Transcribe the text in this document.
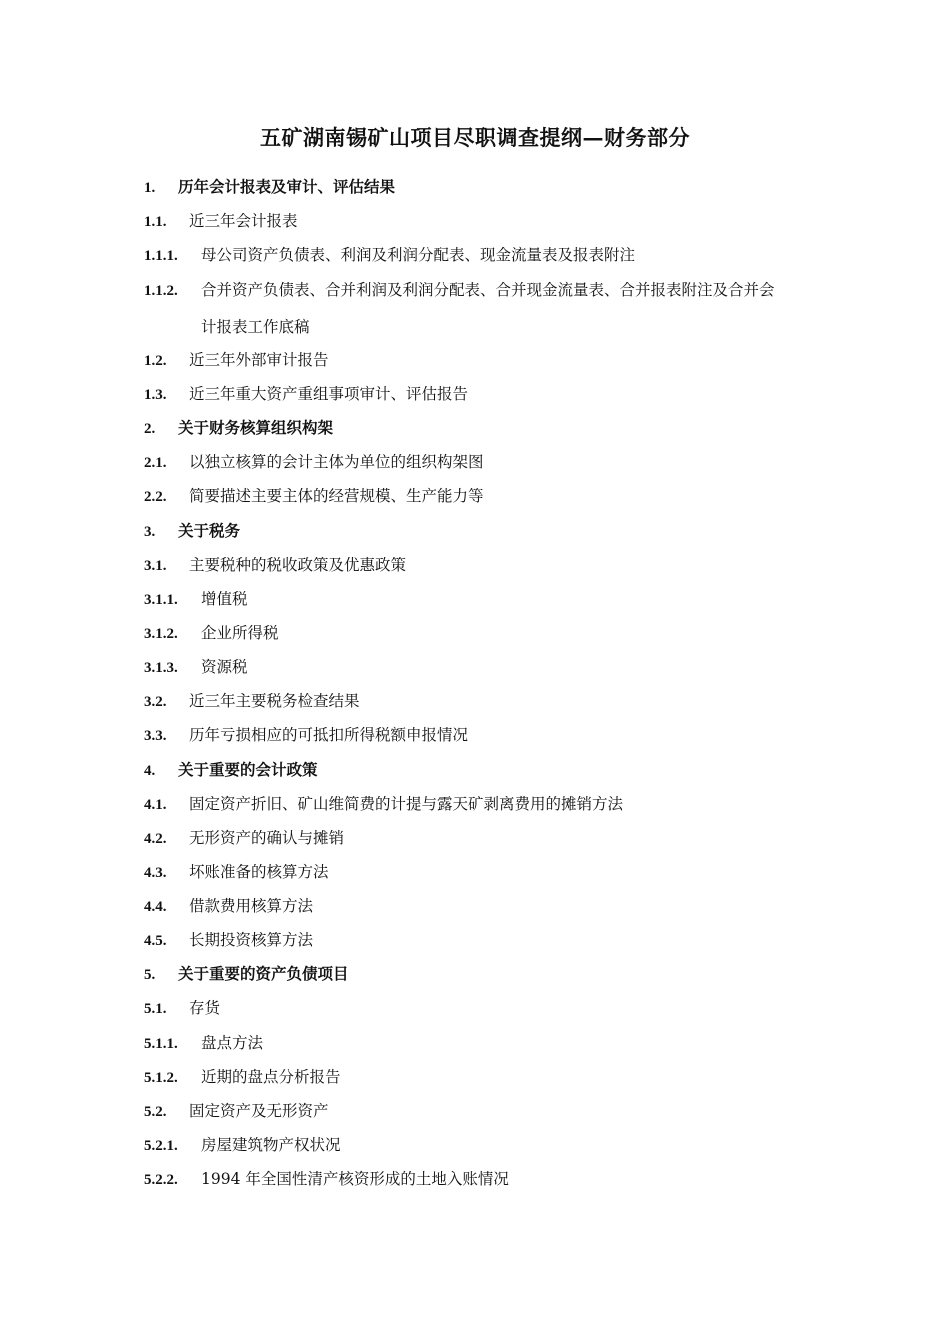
五矿湖南锡矿山项目尽职调查提纲—财务部分
1. 历年会计报表及审计、评估结果
1.1. 近三年会计报表
1.1.1. 母公司资产负债表、利润及利润分配表、现金流量表及报表附注
1.1.2. 合并资产负债表、合并利润及利润分配表、合并现金流量表、合并报表附注及合并会
计报表工作底稿
1.2. 近三年外部审计报告
1.3. 近三年重大资产重组事项审计、评估报告
2. 关于财务核算组织构架
2.1. 以独立核算的会计主体为单位的组织构架图
2.2. 简要描述主要主体的经营规模、生产能力等
3. 关于税务
3.1. 主要税种的税收政策及优惠政策
3.1.1. 增值税
3.1.2. 企业所得税
3.1.3. 资源税
3.2. 近三年主要税务检查结果
3.3. 历年亏损相应的可抵扣所得税额申报情况
4. 关于重要的会计政策
4.1. 固定资产折旧、矿山维简费的计提与露天矿剥离费用的摊销方法
4.2. 无形资产的确认与摊销
4.3. 坏账准备的核算方法
4.4. 借款费用核算方法
4.5. 长期投资核算方法
5. 关于重要的资产负债项目
5.1. 存货
5.1.1. 盘点方法
5.1.2. 近期的盘点分析报告
5.2. 固定资产及无形资产
5.2.1. 房屋建筑物产权状况
5.2.2. 1994 年全国性清产核资形成的土地入账情况
